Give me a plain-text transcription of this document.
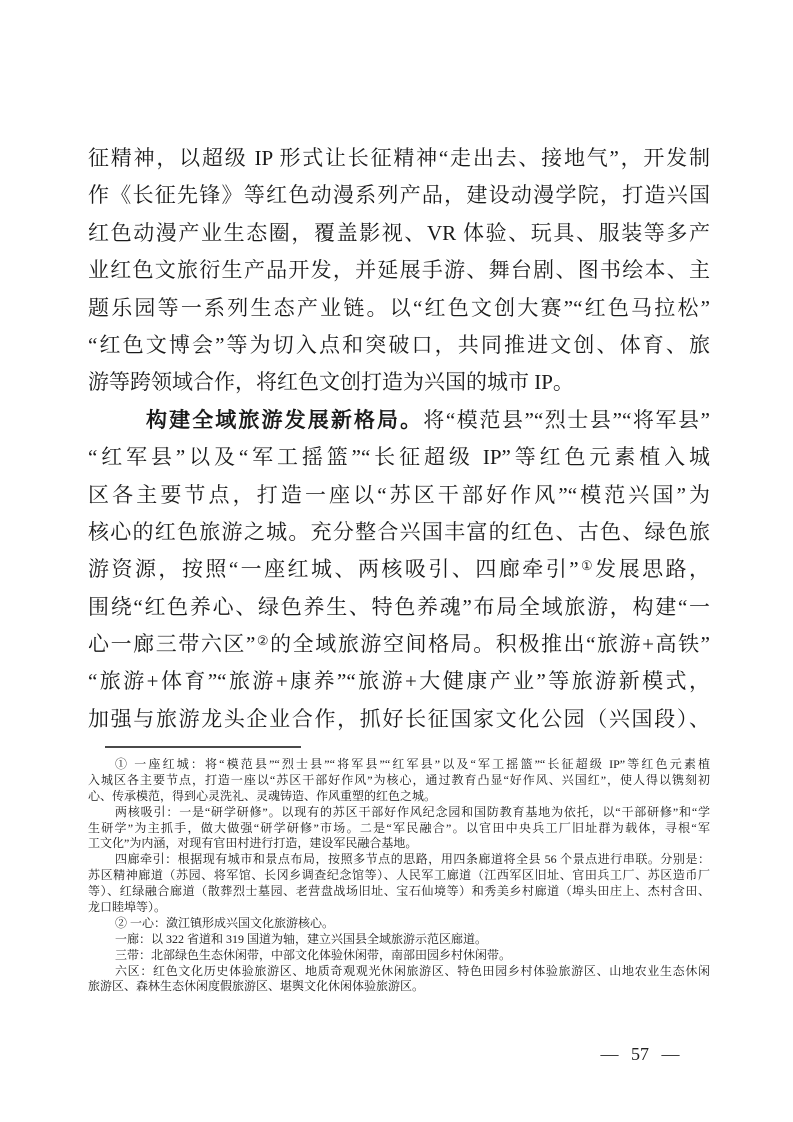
征精神，以超级 IP 形式让长征精神“走出去、接地气”，开发制
作《长征先锋》等红色动漫系列产品，建设动漫学院，打造兴国
红色动漫产业生态圈，覆盖影视、VR 体验、玩具、服装等多产
业红色文旅衍生产品开发，并延展手游、舞台剧、图书绘本、主
题乐园等一系列生态产业链。以“红色文创大赛”“红色马拉松”
“红色文博会”等为切入点和突破口，共同推进文创、体育、旅
游等跨领域合作，将红色文创打造为兴国的城市 IP。
构建全域旅游发展新格局。将“模范县”“烈士县”“将军县”
“红军县”以及“军工摇篮”“长征超级 IP”等红色元素植入城
区各主要节点，打造一座以“苏区干部好作风”“模范兴国”为
核心的红色旅游之城。充分整合兴国丰富的红色、古色、绿色旅
游资源，按照“一座红城、两核吸引、四廊牵引”①发展思路，
围绕“红色养心、绿色养生、特色养魂”布局全域旅游，构建“一
心一廊三带六区”②的全域旅游空间格局。积极推出“旅游+高铁”
“旅游+体育”“旅游+康养”“旅游+大健康产业”等旅游新模式，
加强与旅游龙头企业合作，抓好长征国家文化公园（兴国段）、
① 一座红城：将“模范县”“烈士县”“将军县”“红军县”以及“军工摇篮”“长征超级 IP”等红色元素植
入城区各主要节点，打造一座以“苏区干部好作风”为核心，通过教育凸显“好作风、兴国红”，使人得以镌刻初
心、传承模范，得到心灵洗礼、灵魂铸造、作风重塑的红色之城。
两核吸引：一是“研学研修”。以现有的苏区干部好作风纪念园和国防教育基地为依托，以“干部研修”和“学
生研学”为主抓手，做大做强“研学研修”市场。二是“军民融合”。以官田中央兵工厂旧址群为载体，寻根“军
工文化”为内涵，对现有官田村进行打造，建设军民融合基地。
四廊牵引：根据现有城市和景点布局，按照多节点的思路，用四条廊道将全县 56 个景点进行串联。分别是：
苏区精神廊道（苏园、将军馆、长冈乡调查纪念馆等）、人民军工廊道（江西军区旧址、官田兵工厂、苏区造币厂
等）、红绿融合廊道（散葬烈士墓园、老营盘战场旧址、宝石仙境等）和秀美乡村廊道（埠头田庄上、杰村含田、
龙口睦埠等）。
② 一心：潋江镇形成兴国文化旅游核心。
一廊：以 322 省道和 319 国道为轴，建立兴国县全域旅游示范区廊道。
三带：北部绿色生态休闲带，中部文化体验休闲带，南部田园乡村休闲带。
六区：红色文化历史体验旅游区、地质奇观观光休闲旅游区、特色田园乡村体验旅游区、山地农业生态休闲
旅游区、森林生态休闲度假旅游区、堪舆文化休闲体验旅游区。
— 57 —
